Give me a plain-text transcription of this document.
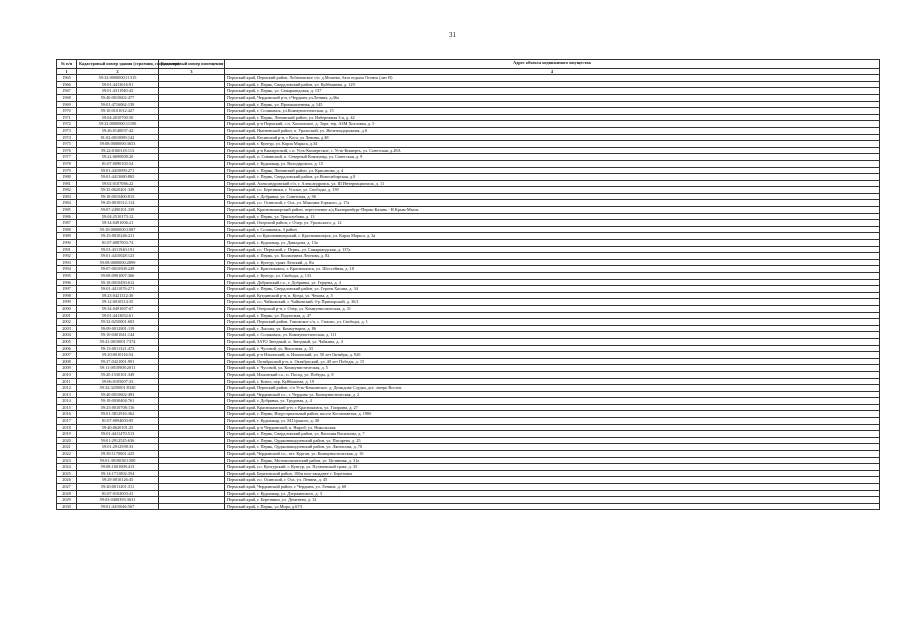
31
№ п/п	Кадастровый номер здания (строения, сооружения)	Кадастровый номер помещения	Адрес объекта недвижимого имущества
1	2	3	4
1965	59:32:0000000:11315		Пермский край, Пермский район, Лобановское с/п, д.Мошево, база отдыха Огонек (лит В)
1966	59:01:4413616:91		Пермский край, г. Пермь, Свердловский район, ул. Куйбышева, д. 129
1967	59:01:4311940:43		Пермский край, г. Пермь, ул. Самаркандская, д. 137
1968	59:40:0010602:477		Пермский край, Чердынский р-н, г.Чердынь ул.Ленина, д.46а
1969	59:01:4716062:139		Пермский край, г. Пермь, ул. Промышленная, д. 145
1970	59:10:0101012:427		Пермский край, г. Соликамск, ул.Коммунистическая, д. 15
1971	59:04:2010700:50		Пермский край, г. Пермь, Ленинский район, ул. Набережная 3-я, д. 42
1972	59:32:0000000:11190		Пермский край, р-н Пермский, с.п. Хохловское, д. Тора, тер. АЗМ Хохловка, д. 5
1973	59:26:0140037:42		Пермский край, Нытвенский район, п. Уральский, ул. Железнодорожная, д.6
1974	81:02:0010089:142		Пермский край, Косинский р-н, с Коса, ул Ленина, д 48
1975	59:08:0000000:3653		Пермский край, г. Кунгур, ул. Карла Маркса, д.34
1976	59:22:0160118:113		Пермский край, р-н Кишертский, с.п. Усть-Кишертское, с. Усть-Кишерть, ул. Советская, д.28А
1977	59:22:0690008:20		Пермский край, п. Сивинский, п. Северный Коммунар, ул. Советская, д. 9
1978	81:07:0090103:54		Пермский край, г. Кудымкар, ул. Володарского, д. 15
1979	59:01:4410099:271		Пермский край, г. Пермь, Ленинский район, ул. Крисанова, д. 4
1980	59:01:4413680:865		Пермский край, г. Пермь, Свердловский район, ул.Новосибирская, д.8
1981	59:02:0107086:22		Пермский край, Александровский г/п, г. Александровск, ул. III Интернационала, д. 11
1982	59:35:0620201:349		Пермский край, г.о. Березники, г. Усолье, ул. Свободы, д. 139
1983	59:18:0010400:815		Пермский край, г. Добрянка, ул. Советская, д. 96
1984	59:29:0010512:114		Пермский край, г.о. Осинский, г. Оса, ул. Максима Горького, д. 17а
1985	59:07:2490101:339		Пермский край, Красновишерский район, пересечение а/д Екатеринбург-Пермь-Казань - Н.Крым-Мысы
1986	59:04:2510173:12		Пермский край, г. Пермь, ул. Трясолобова, д. 13
1987	59:34:0491006:21		Пермский край, Очерский район, г. Очер, ул. Уральского, д. 12
1988	59:10:0000000:1087		Пермский край, г. Соликамск, 3 район
1989	59:25:0010246:211		Пермский край, г.о Красновишерский, г. Красновишерск, ул. Карла Маркса, д. 3а
1990	81:07:0087003:74		Пермский край, г. Кудымкар, ул. Давыдова, д. 13а
1991	59:01:4311940:191		Пермский край, г.о. Пермский, г. Пермь, ул. Самаркандская, д. 137а
1992	59:01:4410028:123		Пермский край, г. Пермь, ул. Космонавта Леонова, д. 82
1993	59:08:0000000:2899		Пермский край, г. Кунгур, тракт Ленский, д. 8/а
1994	59:07:0010508:249		Пермский край, г. Краснокамск, г. Краснокамск, ул. Шоссейная, д. 18
1995	59:08:0901007:366		Пермский край, г. Кунгур, ул. Свободы, д. 133
1996	59:18:0010450:612		Пермский край, Добрянский г.о., г. Добрянка, ул. Герцена, д. 4
1997	59:01:4411076:271		Пермский край, г. Пермь, Свердловский район, ул. Героев Хасана, д. 34
1998	59:23:0421312:30		Пермский край, Куединский р-н, п. Куеда, ул. Чехова, д. 5
1999	59:12:0010314:35		Пермский край, г.о. Чайковский, г. Чайковский, б-р Приморский, д. 36/1
2000	59:34:0491607:67		Пермский край, Очерский р-н, г. Очер, ул. Коммунистическая, д. 31
2001	59:01:4413652:61		Пермский край, г. Пермь, ул. Подлесная, д. 47
2002	59:32:0250001:603		Пермский край, Пермский район, Гамовское с/п, с. Гамово, ул. Свободы, д. 1
2003	59:09:0012801:119		Пермский край, г. Лысьва, ул. Коммунаров, д. 86
2004	59:10:0401041:144		Пермский край, г. Соликамск, ул. Коммунистическая, д. 111
2005	59:41:0010001:7374		Пермский край, ЗАТО Звездный, п. Звездный, ул. Чайкина, д. 4
2006	59:13:0011321:473		Пермский край, г. Чусовой, ул. Высотная, д. 33
2007	59:20:0010116:54		Пермский край, р-н Ильинский, п. Ильинский, ул. 50 лет Октября, д. 92б
2008	59:27:0421001:991		Пермский край, Октябрьский р-н, п. Октябрьский, ул. 40 лет Победы, д. 15
2009	59:11:0010908:2011		Пермский край, г. Чусовой, ул. Коммунистическая, д. 5
2010	59:20:1530101:349		Пермский край, Ильинский г.о., п. Посад, ул. Победы, д. 8
2011	59:06:0105007:33		Пермский край, г. Кизел, пер. Куйбышева, д. 19
2012	59:32:3250001:8320		Пермский край, Пермский район, с/п Усть-Качкинское, д. Демидова Слудка, дст. лагерь Восток
2013	59:40:0010602:493		Пермский край, Чердынский г.о., г. Чердынь ул. Коммунистическая, д. 2
2014	59:18:0030404:761		Пермский край, г. Добрянка, ул. Трудовая, д. 4
2015	59:25:0010708:116		Пермский край, Краснокамский р-н, г. Краснокамск, ул. Гагарина, д. 27
2016	59:01:3812916:362		Пермский край, г. Пермь, Индустриальный район, шоссе Космонавтов, д. 190б
2017	81:07:0094003:85		Пермский край, г. Кудымкар, ул. М.Горького, д. 40
2018	59:40:0620101:25		Пермский край, р-н Чердынский, п. Ныроб, ул. Никольская
2019	59:01:4411470:513		Пермский край, г. Пермь, Свердловский район, ул. Василия Васильева, д. 7
2020	59:01:2912525:636		Пермский край, г. Пермь, Орджоникидзевский район, ул. Писарева, д. 25
2021	59:01:2912598:33		Пермский край, г. Пермь, Орджоникидзевский район, ул. Лянгасова, д. 70
2022	59:39:1170001:425		Пермский край, Чердынский г.о., пгт. Курган, ул. Коммунистическая, д. 10
2023	59:01:3919038:1500		Пермский край, г. Пермь, Мотовилихинский район, ул. Целинная, д. 31а
2024	59:08:1601008:413		Пермский край, г.о. Кунгурский, г. Кунгур, ул. Пугачевский тракт, д. 35
2025	59:14:1711002:354		Пермский край, Березовский район, 100м юго-западнее с. Березовка
2026	59:29:0010126:45		Пермский край, г.о. Осинский, г. Оса, ул. Ленина, д. 45
2027	59:40:0011201:311		Пермский край, Чердынский район, г. Чердынь, ул. Ленина, д. 60
2028	81:07:0102003:41		Пермский край, г. Кудымкар, ул. Дзержинского, д. 3
2029	59:03:0400393:3631		Пермский край, г. Березники, ул. Деменева, д. 12
2030	59:01:4410046:567		Пермский край, г. Пермь, ул.Мира, д.67/1
